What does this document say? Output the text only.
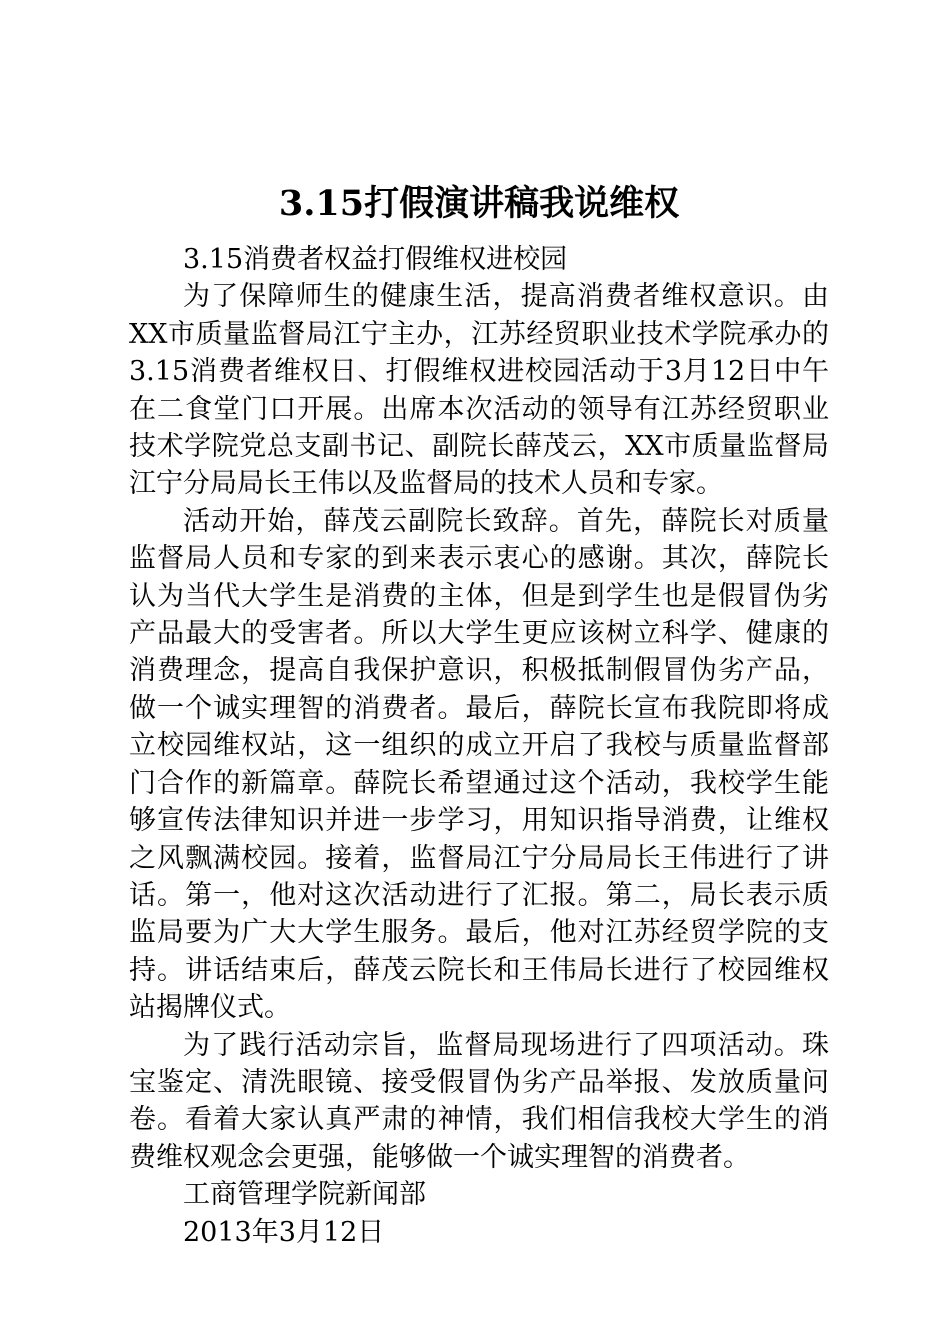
3.15打假演讲稿我说维权

3.15消费者权益打假维权进校园

为了保障师生的健康生活，提高消费者维权意识。由XX市质量监督局江宁主办，江苏经贸职业技术学院承办的3.15消费者维权日、打假维权进校园活动于3月12日中午在二食堂门口开展。出席本次活动的领导有江苏经贸职业技术学院党总支副书记、副院长薛茂云，XX市质量监督局江宁分局局长王伟以及监督局的技术人员和专家。

活动开始，薛茂云副院长致辞。首先，薛院长对质量监督局人员和专家的到来表示衷心的感谢。其次，薛院长认为当代大学生是消费的主体，但是到学生也是假冒伪劣产品最大的受害者。所以大学生更应该树立科学、健康的消费理念，提高自我保护意识，积极抵制假冒伪劣产品，做一个诚实理智的消费者。最后，薛院长宣布我院即将成立校园维权站，这一组织的成立开启了我校与质量监督部门合作的新篇章。薛院长希望通过这个活动，我校学生能够宣传法律知识并进一步学习，用知识指导消费，让维权之风飘满校园。接着，监督局江宁分局局长王伟进行了讲话。第一，他对这次活动进行了汇报。第二，局长表示质监局要为广大大学生服务。最后，他对江苏经贸学院的支持。讲话结束后，薛茂云院长和王伟局长进行了校园维权站揭牌仪式。

为了践行活动宗旨，监督局现场进行了四项活动。珠宝鉴定、清洗眼镜、接受假冒伪劣产品举报、发放质量问卷。看着大家认真严肃的神情，我们相信我校大学生的消费维权观念会更强，能够做一个诚实理智的消费者。

工商管理学院新闻部

2013年3月12日
